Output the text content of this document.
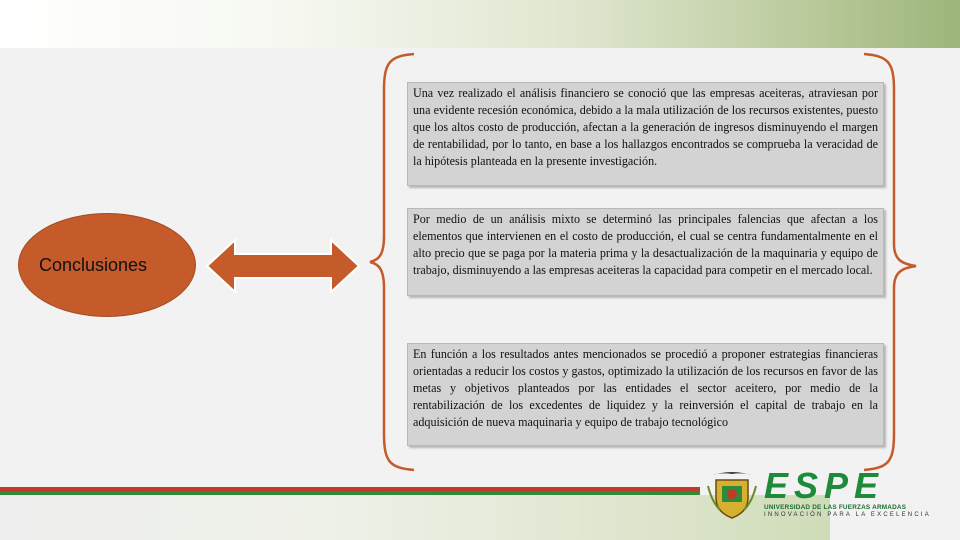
Conclusiones
Una vez realizado el análisis financiero se conoció que las empresas aceiteras, atraviesan por una evidente recesión económica, debido a la mala utilización de los recursos existentes, puesto que los altos costo de producción, afectan a la generación de ingresos disminuyendo el margen de rentabilidad, por lo tanto, en base a los hallazgos encontrados se comprueba la veracidad de la hipótesis planteada en la presente investigación.
Por medio de un análisis mixto se determinó las principales falencias que afectan a los elementos que intervienen en el costo de producción, el cual se centra fundamentalmente en el alto precio que se paga por la materia prima y la desactualización de la maquinaria y equipo de trabajo, disminuyendo a las empresas aceiteras la capacidad para competir en el mercado local.
En función a los resultados antes mencionados se procedió a proponer estrategias financieras orientadas a reducir los costos y gastos, optimizado la utilización de los recursos en favor de las metas y objetivos planteados por las entidades el sector aceitero, por medio de la rentabilización de los excedentes de liquidez y la reinversión el capital de trabajo en la adquisición de nueva maquinaria y equipo de trabajo tecnológico
ESPE
UNIVERSIDAD DE LAS FUERZAS ARMADAS
INNOVACIÓN PARA LA EXCELENCIA
